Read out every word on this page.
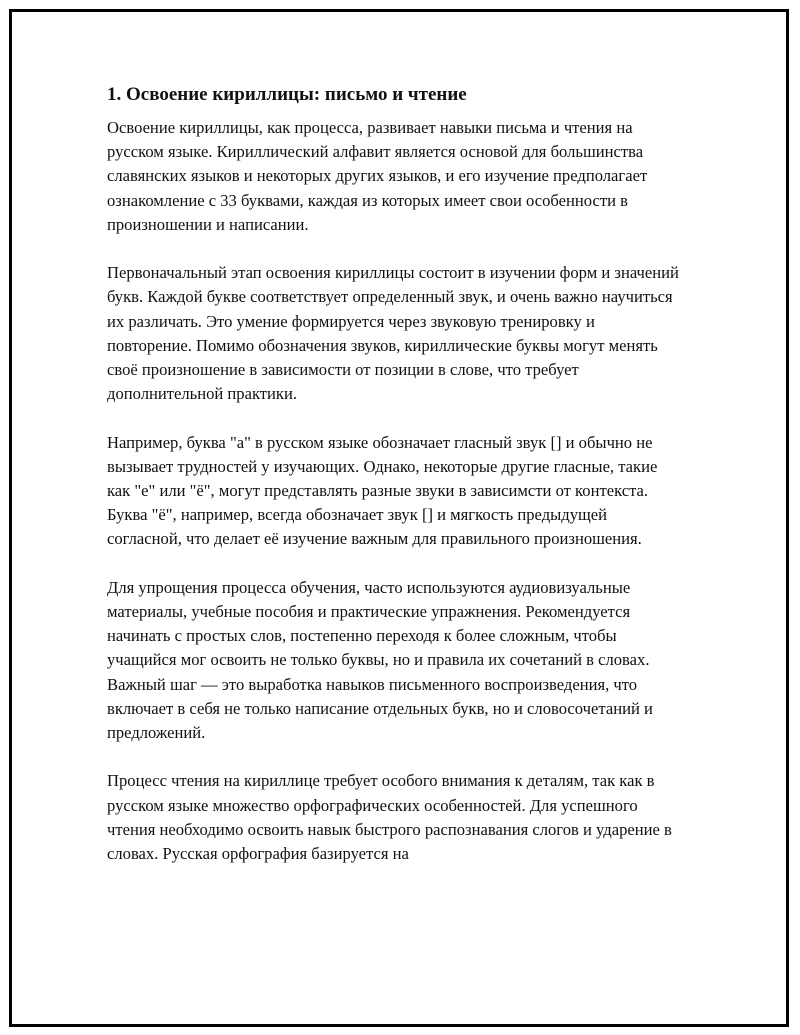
1. Освоение кириллицы: письмо и чтение

Освоение кириллицы, как процесса, развивает навыки письма и чтения на русском языке. Кириллический алфавит является основой для большинства славянских языков и некоторых других языков, и его изучение предполагает ознакомление с 33 буквами, каждая из которых имеет свои особенности в произношении и написании.

Первоначальный этап освоения кириллицы состоит в изучении форм и значений букв. Каждой букве соответствует определенный звук, и очень важно научиться их различать. Это умение формируется через звуковую тренировку и повторение. Помимо обозначения звуков, кириллические буквы могут менять своё произношение в зависимости от позиции в слове, что требует дополнительной практики.

Например, буква "а" в русском языке обозначает гласный звук [] и обычно не вызывает трудностей у изучающих. Однако, некоторые другие гласные, такие как "е" или "ё", могут представлять разные звуки в зависимсти от контекста. Буква "ё", например, всегда обозначает звук [] и мягкость предыдущей согласной, что делает её изучение важным для правильного произношения.

Для упрощения процесса обучения, часто используются аудиовизуальные материалы, учебные пособия и практические упражнения. Рекомендуется начинать с простых слов, постепенно переходя к более сложным, чтобы учащийся мог освоить не только буквы, но и правила их сочетаний в словах. Важный шаг — это выработка навыков письменного воспроизведения, что включает в себя не только написание отдельных букв, но и словосочетаний и предложений.

Процесс чтения на кириллице требует особого внимания к деталям, так как в русском языке множество орфографических особенностей. Для успешного чтения необходимо освоить навык быстрого распознавания слогов и ударение в словах. Русская орфография базируется на
